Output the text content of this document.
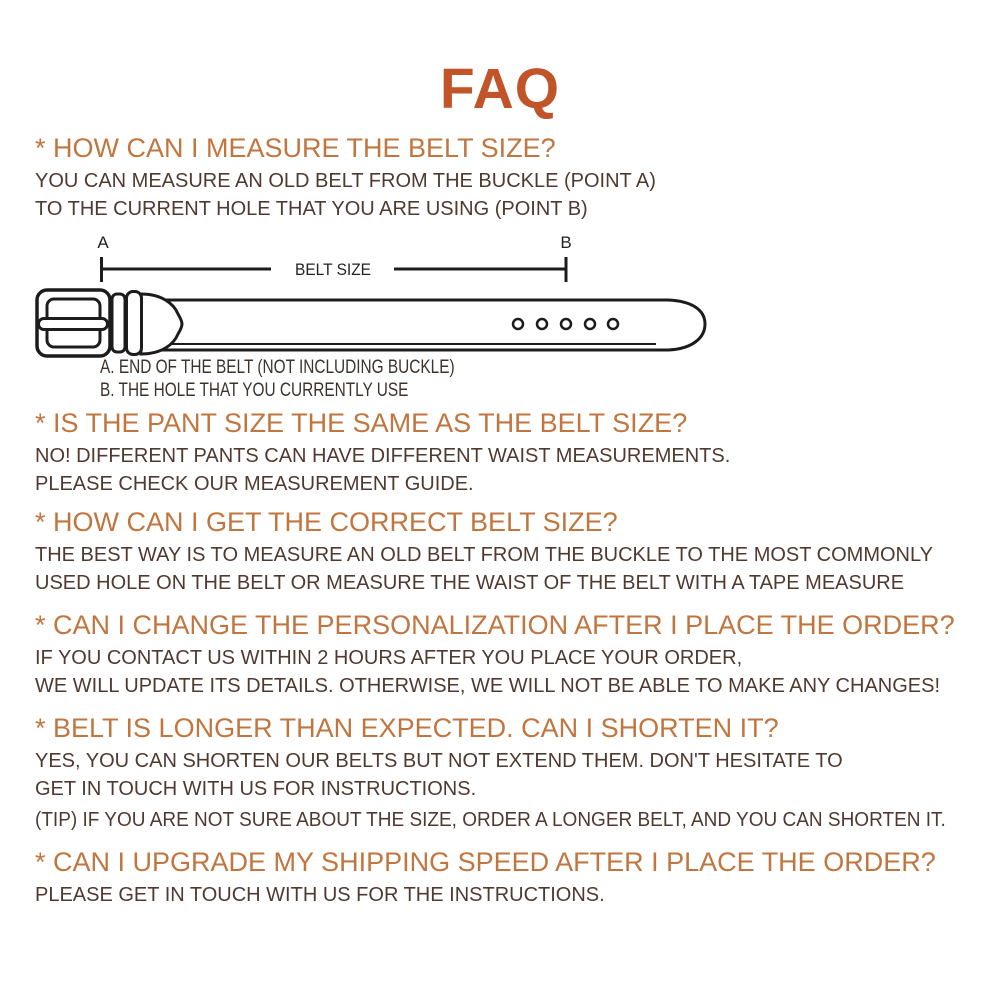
FAQ
* HOW CAN I MEASURE THE BELT SIZE?

YOU CAN MEASURE AN OLD BELT FROM THE BUCKLE (POINT A)

TO THE CURRENT HOLE THAT YOU ARE USING (POINT B)

A	B
BELT SIZE

A. END OF THE BELT (NOT INCLUDING BUCKLE)

B. THE HOLE THAT YOU CURRENTLY USE

* IS THE PANT SIZE THE SAME AS THE BELT SIZE?

NO! DIFFERENT PANTS CAN HAVE DIFFERENT WAIST MEASUREMENTS.

PLEASE CHECK OUR MEASUREMENT GUIDE.

* HOW CAN I GET THE CORRECT BELT SIZE?

THE BEST WAY IS TO MEASURE AN OLD BELT FROM THE BUCKLE TO THE MOST COMMONLY

USED HOLE ON THE BELT OR MEASURE THE WAIST OF THE BELT WITH A TAPE MEASURE

* CAN I CHANGE THE PERSONALIZATION AFTER I PLACE THE ORDER?

IF YOU CONTACT US WITHIN 2 HOURS AFTER YOU PLACE YOUR ORDER,

WE WILL UPDATE ITS DETAILS. OTHERWISE, WE WILL NOT BE ABLE TO MAKE ANY CHANGES!

* BELT IS LONGER THAN EXPECTED. CAN I SHORTEN IT?

YES, YOU CAN SHORTEN OUR BELTS BUT NOT EXTEND THEM. DON'T HESITATE TO

GET IN TOUCH WITH US FOR INSTRUCTIONS.

(TIP) IF YOU ARE NOT SURE ABOUT THE SIZE, ORDER A LONGER BELT, AND YOU CAN SHORTEN IT.

* CAN I UPGRADE MY SHIPPING SPEED AFTER I PLACE THE ORDER?

PLEASE GET IN TOUCH WITH US FOR THE INSTRUCTIONS.
